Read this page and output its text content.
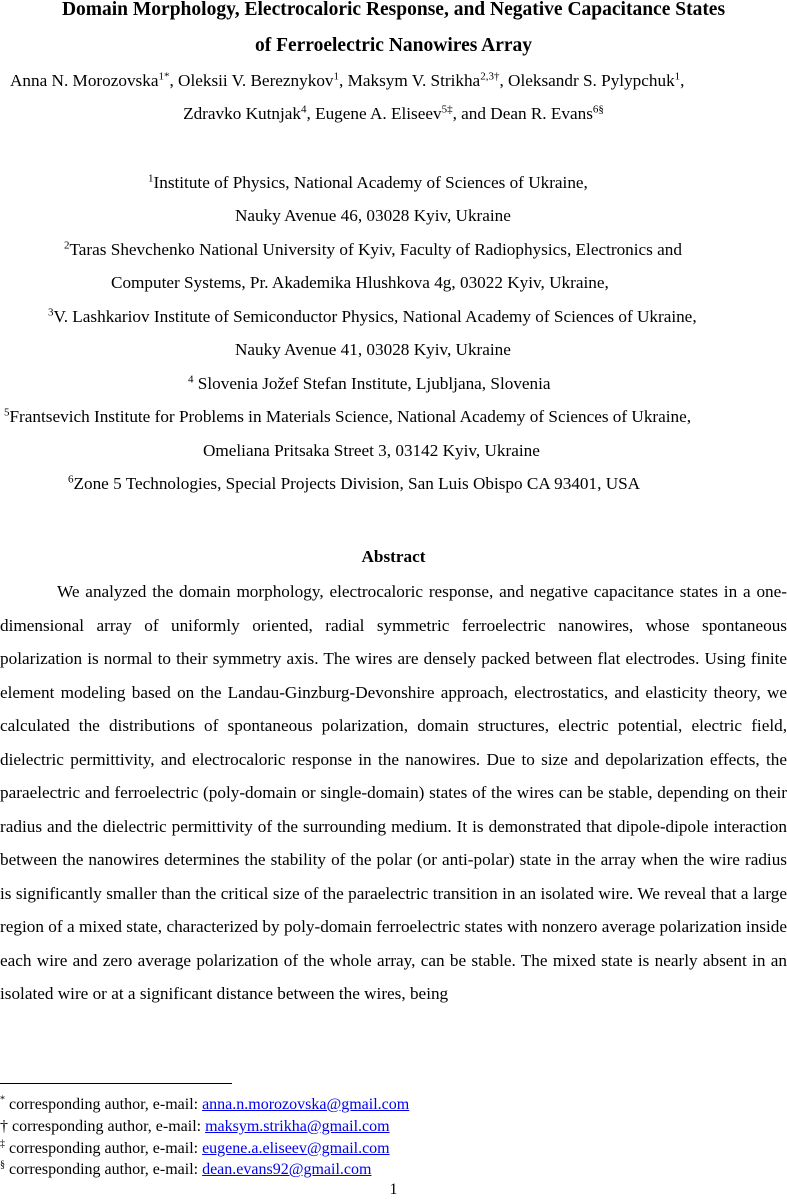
Domain Morphology, Electrocaloric Response, and Negative Capacitance States
of Ferroelectric Nanowires Array
Anna N. Morozovska$^{1*}$, Oleksii V. Bereznykov$^1$, Maksym V. Strikha$^{2,3\dagger}$, Oleksandr S. Pylypchuk$^1$,
Zdravko Kutnjak$^4$, Eugene A. Eliseev$^{5\ddagger}$, and Dean R. Evans$^{6\S}$
$^1$Institute of Physics, National Academy of Sciences of Ukraine,
Nauky Avenue 46, 03028 Kyiv, Ukraine
$^2$Taras Shevchenko National University of Kyiv, Faculty of Radiophysics, Electronics and
Computer Systems, Pr. Akademika Hlushkova 4g, 03022 Kyiv, Ukraine,
$^3$V. Lashkariov Institute of Semiconductor Physics, National Academy of Sciences of Ukraine,
Nauky Avenue 41, 03028 Kyiv, Ukraine
$^4$ Slovenia Jožef Stefan Institute, Ljubljana, Slovenia
$^5$Frantsevich Institute for Problems in Materials Science, National Academy of Sciences of Ukraine,
Omeliana Pritsaka Street 3, 03142 Kyiv, Ukraine
$^6$Zone 5 Technologies, Special Projects Division, San Luis Obispo CA 93401, USA
Abstract

We analyzed the domain morphology, electrocaloric response, and negative capacitance states in a one-dimensional array of uniformly oriented, radial symmetric ferroelectric nanowires, whose spontaneous polarization is normal to their symmetry axis. The wires are densely packed between flat electrodes. Using finite element modeling based on the Landau-Ginzburg-Devonshire approach, electrostatics, and elasticity theory, we calculated the distributions of spontaneous polarization, domain structures, electric potential, electric field, dielectric permittivity, and electrocaloric response in the nanowires. Due to size and depolarization effects, the paraelectric and ferroelectric (poly-domain or single-domain) states of the wires can be stable, depending on their radius and the dielectric permittivity of the surrounding medium. It is demonstrated that dipole-dipole interaction between the nanowires determines the stability of the polar (or anti-polar) state in the array when the wire radius is significantly smaller than the critical size of the paraelectric transition in an isolated wire. We reveal that a large region of a mixed state, characterized by poly-domain ferroelectric states with nonzero average polarization inside each wire and zero average polarization of the whole array, can be stable. The mixed state is nearly absent in an isolated wire or at a significant distance between the wires, being

* corresponding author, e-mail: anna.n.morozovska@gmail.com
† corresponding author, e-mail: maksym.strikha@gmail.com
‡ corresponding author, e-mail: eugene.a.eliseev@gmail.com
§ corresponding author, e-mail: dean.evans92@gmail.com
1
